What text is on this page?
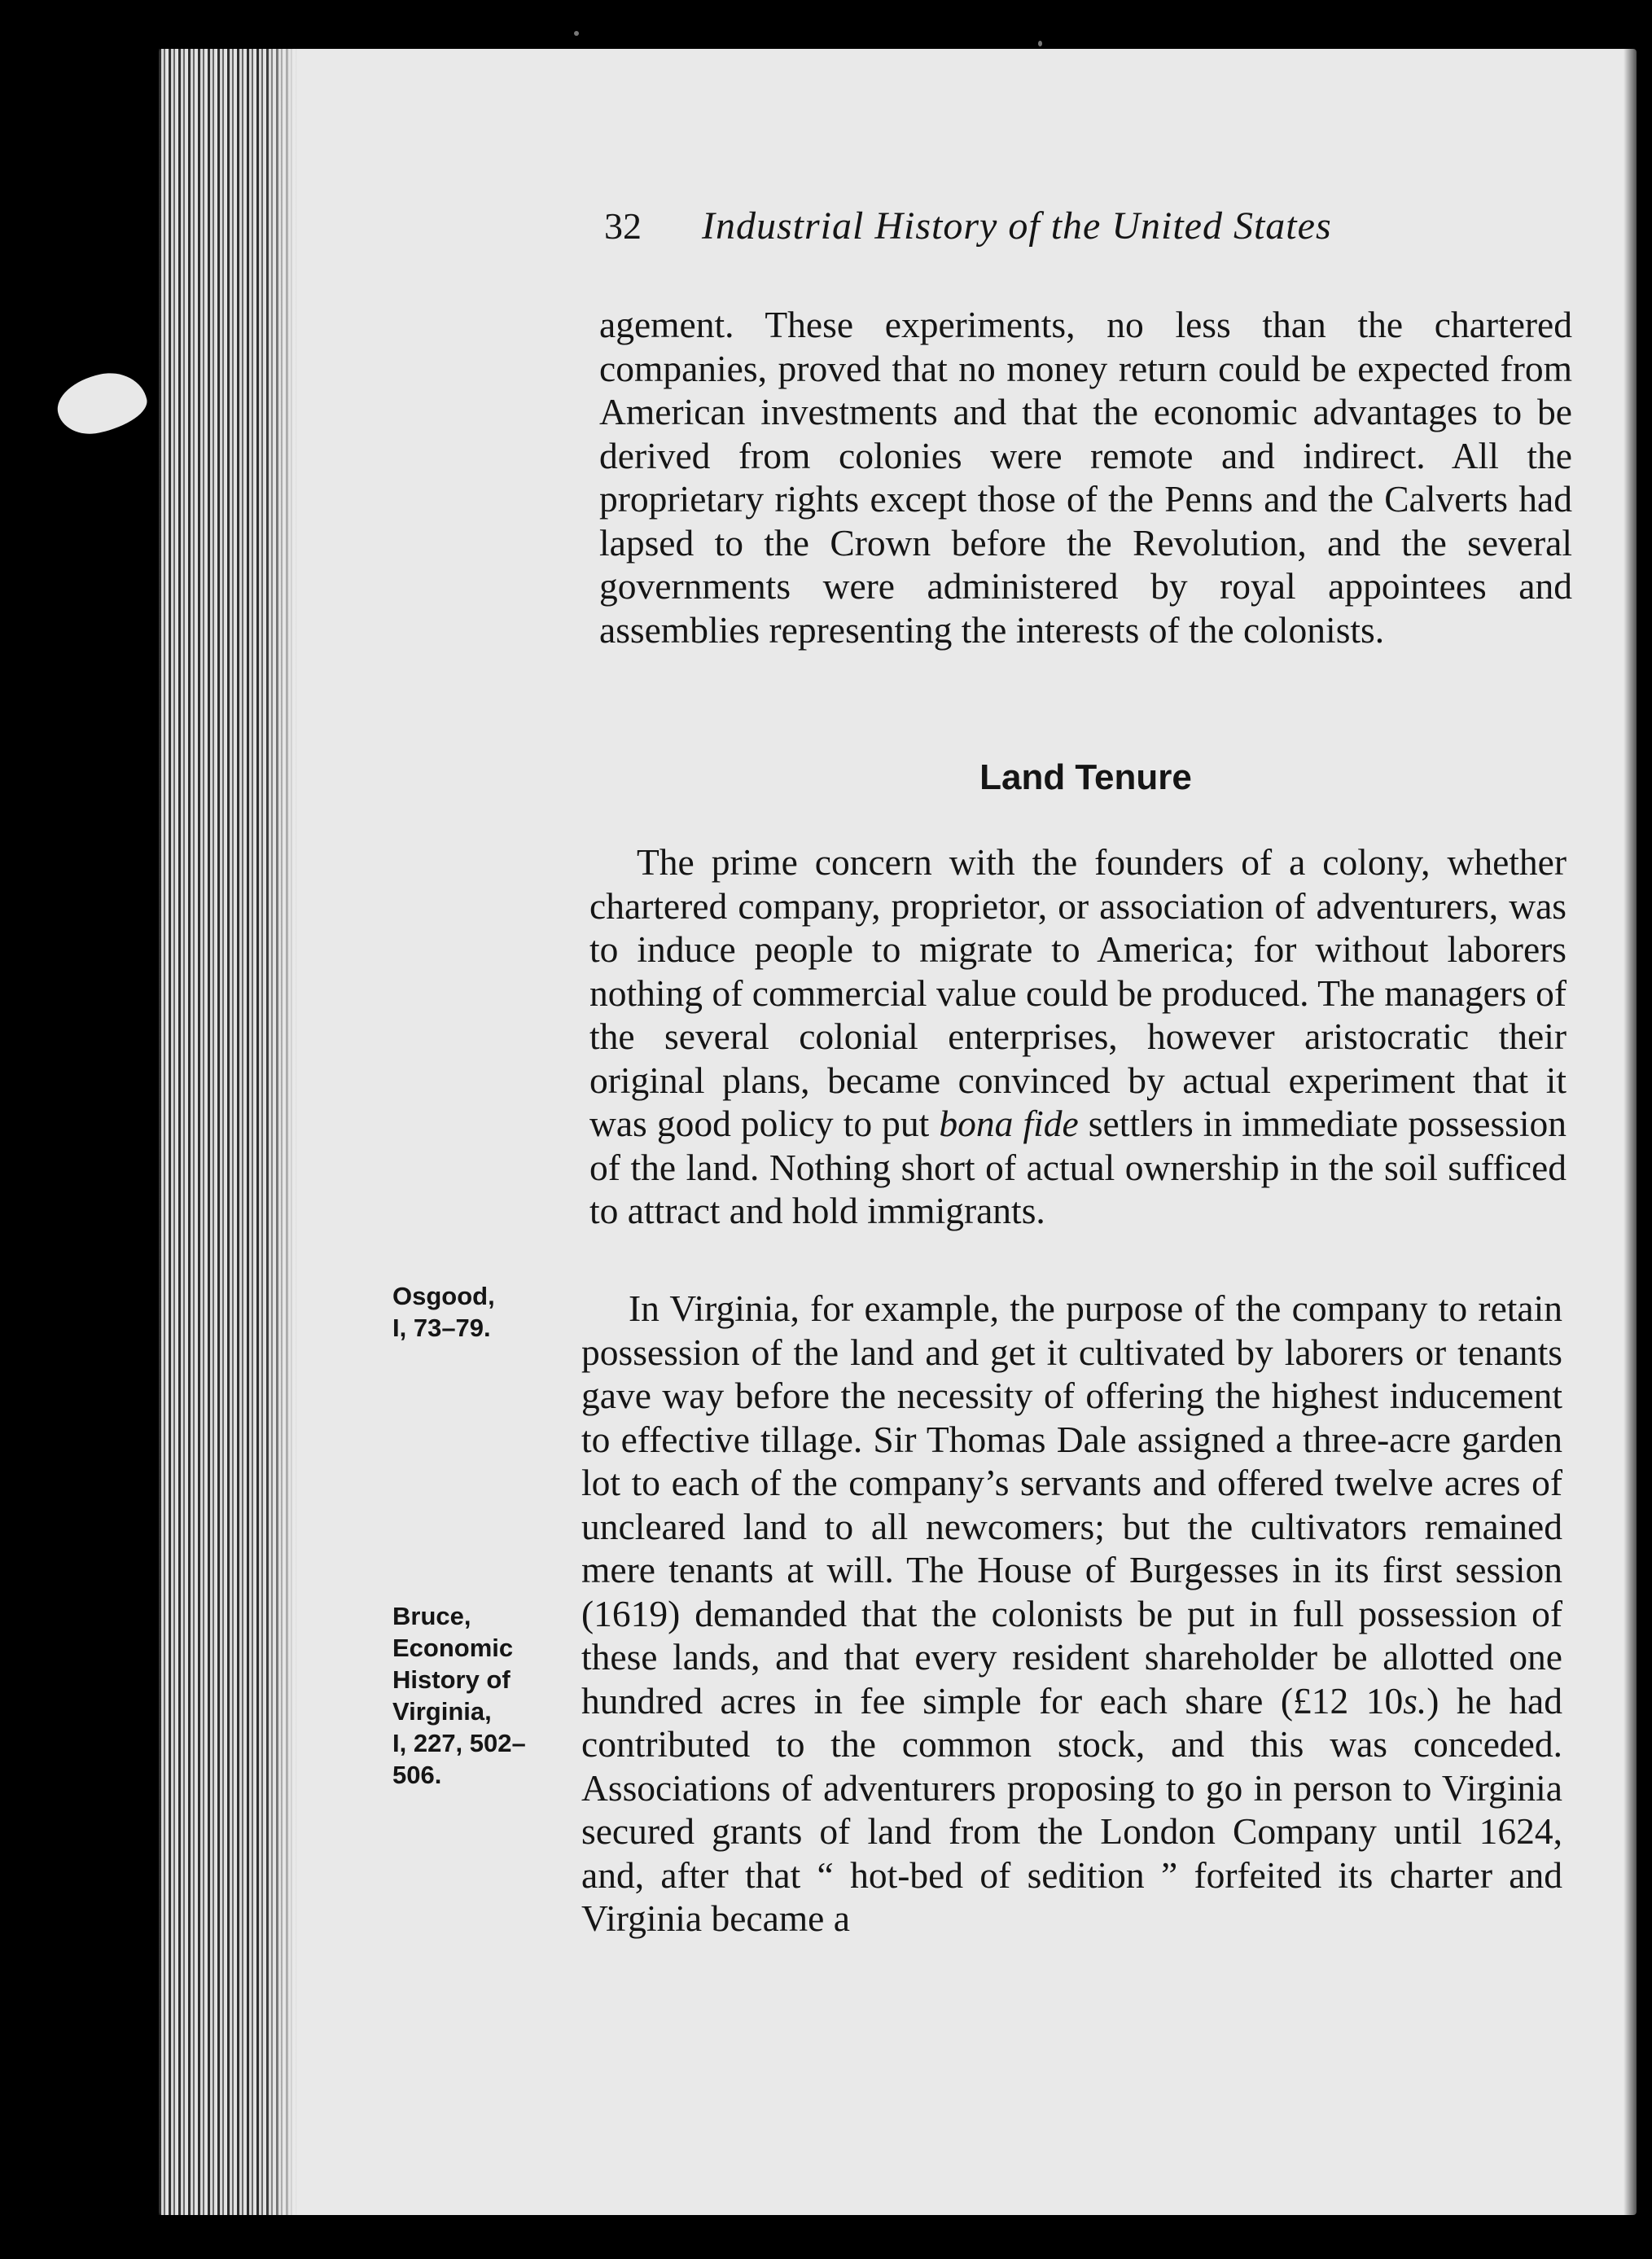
32 Industrial History of the United States

agement. These experiments, no less than the chartered companies, proved that no money return could be expected from American investments and that the economic advantages to be derived from colonies were remote and indirect. All the proprietary rights except those of the Penns and the Calverts had lapsed to the Crown before the Revolution, and the several governments were administered by royal appointees and assemblies representing the interests of the colonists.

Land Tenure

The prime concern with the founders of a colony, whether chartered company, proprietor, or association of adventurers, was to induce people to migrate to America; for without laborers nothing of commercial value could be produced. The managers of the several colonial enterprises, however aristocratic their original plans, became convinced by actual experiment that it was good policy to put bona fide settlers in immediate possession of the land. Nothing short of actual ownership in the soil sufficed to attract and hold immigrants.

In Virginia, for example, the purpose of the company to retain possession of the land and get it cultivated by laborers or tenants gave way before the necessity of offering the highest inducement to effective tillage. Sir Thomas Dale assigned a three-acre garden lot to each of the company’s servants and offered twelve acres of uncleared land to all newcomers; but the cultivators remained mere tenants at will. The House of Burgesses in its first session (1619) demanded that the colonists be put in full possession of these lands, and that every resident shareholder be allotted one hundred acres in fee simple for each share (£12 10s.) he had contributed to the common stock, and this was conceded. Associations of adventurers proposing to go in person to Virginia secured grants of land from the London Company until 1624, and, after that “ hot-bed of sedition ” forfeited its charter and Virginia became a

Osgood,
I, 73–79.
Bruce,
Economic
History of
Virginia,
I, 227, 502–
506.
